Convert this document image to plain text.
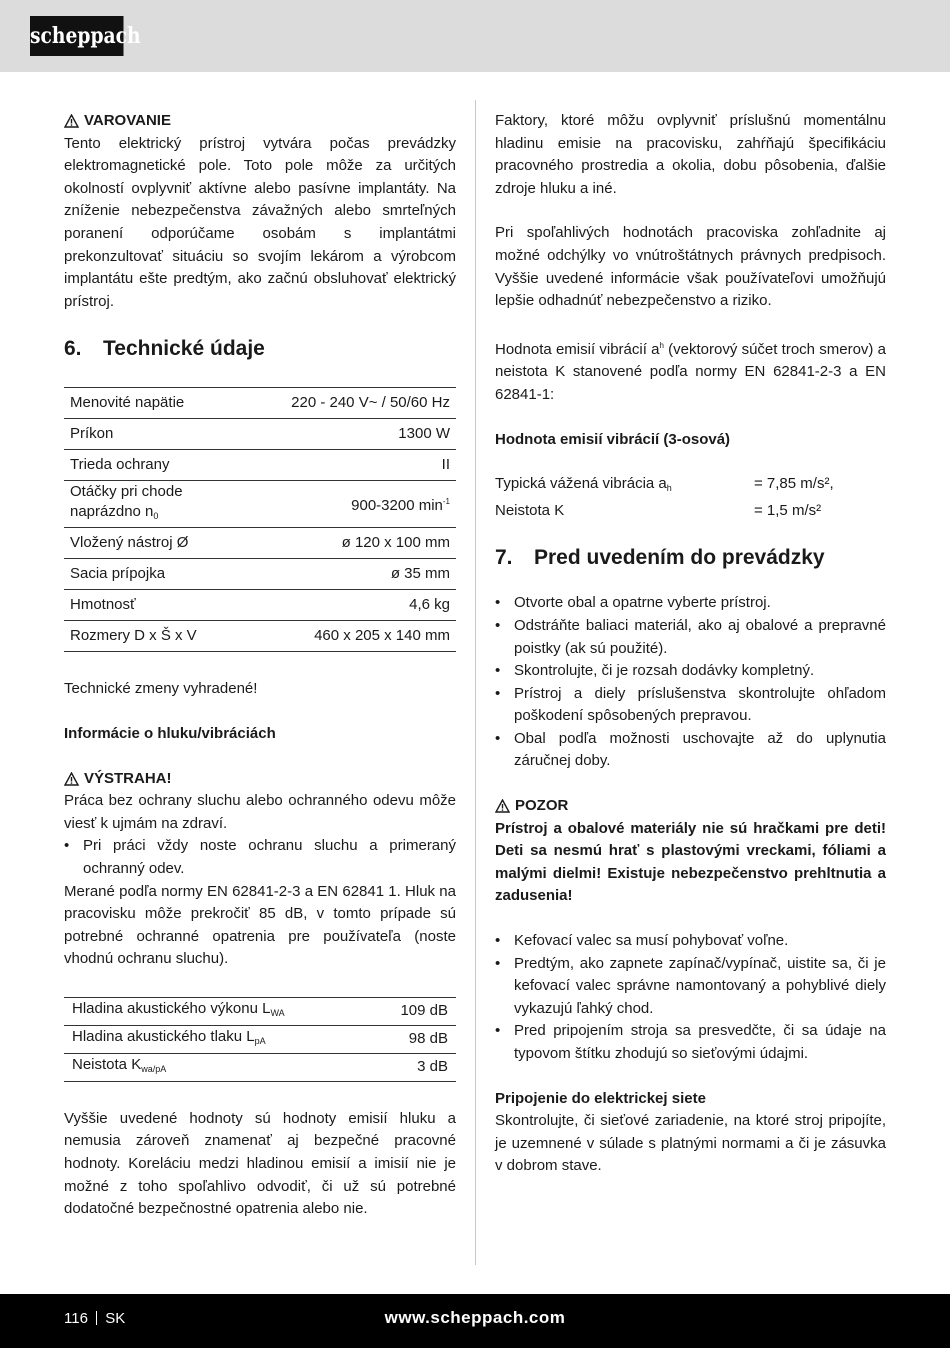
scheppach
VAROVANIE

Tento elektrický prístroj vytvára počas prevádzky elektromagnetické pole. Toto pole môže za určitých okolností ovplyvniť aktívne alebo pasívne implantáty. Na zníženie nebezpečenstva závažných alebo smrteľných poranení odporúčame osobám s implantátmi prekonzultovať situáciu so svojím lekárom a výrobcom implantátu ešte predtým, ako začnú obsluhovať elektrický prístroj.

6.	Technické údaje
Menovité napätie	220 - 240 V~ / 50/60 Hz
Príkon	1300 W
Trieda ochrany	II
Otáčky pri chode naprázdno $n_0$	900-3200 $\min^{-1}$
Vložený nástroj Ø	ø 120 x 100 mm
Sacia prípojka	ø 35 mm
Hmotnosť	4,6 kg
Rozmery D x Š x V	460 x 205 x 140 mm

Technické zmeny vyhradené!

Informácie o hluku/vibráciách

VÝSTRAHA!

Práca bez ochrany sluchu alebo ochranného odevu môže viesť k ujmám na zdraví.

• Pri práci vždy noste ochranu sluchu a primeraný ochranný odev.

Merané podľa normy EN 62841-2-3 a EN 62841 1. Hluk na pracovisku môže prekročiť 85 dB, v tomto prípade sú potrebné ochranné opatrenia pre používateľa (noste vhodnú ochranu sluchu).

Hladina akustického výkonu $L_{WA}$	109 dB
Hladina akustického tlaku $L_{pA}$	98 dB
Neistota $K_{wa/pA}$	3 dB

Vyššie uvedené hodnoty sú hodnoty emisií hluku a nemusia zároveň znamenať aj bezpečné pracovné hodnoty. Koreláciu medzi hladinou emisií a imisií nie je možné z toho spoľahlivo odvodiť, či už sú potrebné dodatočné bezpečnostné opatrenia alebo nie.

Faktory, ktoré môžu ovplyvniť príslušnú momentálnu hladinu emisie na pracovisku, zahŕňajú špecifikáciu pracovného prostredia a okolia, dobu pôsobenia, ďalšie zdroje hluku a iné.

Pri spoľahlivých hodnotách pracoviska zohľadnite aj možné odchýlky vo vnútroštátnych právnych predpisoch. Vyššie uvedené informácie však používateľovi umožňujú lepšie odhadnúť nebezpečenstvo a riziko.

Hodnota emisií vibrácií $a^h$ (vektorový súčet troch smerov) a neistota K stanovené podľa normy EN 62841-2-3 a EN 62841-1:

Hodnota emisií vibrácií (3-osová)

Typická vážená vibrácia $a_h$	= 7,85 m/s²,
Neistota K	= 1,5 m/s²
7.	Pred uvedením do prevádzky
• Otvorte obal a opatrne vyberte prístroj.
• Odstráňte baliaci materiál, ako aj obalové a prepravné poistky (ak sú použité).
• Skontrolujte, či je rozsah dodávky kompletný.
• Prístroj a diely príslušenstva skontrolujte ohľadom poškodení spôsobených prepravou.
• Obal podľa možnosti uschovajte až do uplynutia záručnej doby.
POZOR

Prístroj a obalové materiály nie sú hračkami pre deti! Deti sa nesmú hrať s plastovými vreckami, fóliami a malými dielmi! Existuje nebezpečenstvo prehltnutia a zadusenia!

• Kefovací valec sa musí pohybovať voľne.
• Predtým, ako zapnete zapínač/vypínač, uistite sa, či je kefovací valec správne namontovaný a pohyblivé diely vykazujú ľahký chod.
• Pred pripojením stroja sa presvedčte, či sa údaje na typovom štítku zhodujú so sieťovými údajmi.

Pripojenie do elektrickej siete

Skontrolujte, či sieťové zariadenie, na ktoré stroj pripojíte, je uzemnené v súlade s platnými normami a či je zásuvka v dobrom stave.

116 SK	www.scheppach.com
